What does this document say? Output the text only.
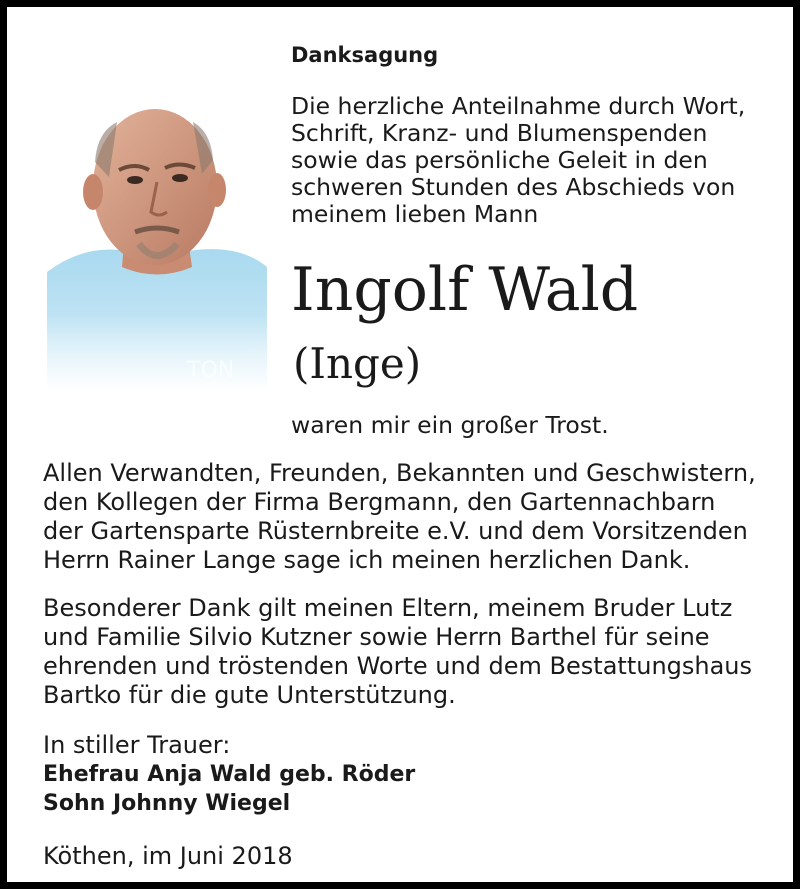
Danksagung
Die herzliche Anteilnahme durch Wort,
Schrift, Kranz- und Blumenspenden
sowie das persönliche Geleit in den
schweren Stunden des Abschieds von
meinem lieben Mann
Ingolf Wald
(Inge)
waren mir ein großer Trost.
Allen Verwandten, Freunden, Bekannten und Geschwistern,
den Kollegen der Firma Bergmann, den Gartennachbarn
der Gartensparte Rüsternbreite e.V. und dem Vorsitzenden
Herrn Rainer Lange sage ich meinen herzlichen Dank.
Besonderer Dank gilt meinen Eltern, meinem Bruder Lutz
und Familie Silvio Kutzner sowie Herrn Barthel für seine
ehrenden und tröstenden Worte und dem Bestattungshaus
Bartko für die gute Unterstützung.
In stiller Trauer:
Ehefrau Anja Wald geb. Röder
Sohn Johnny Wiegel
Köthen, im Juni 2018
